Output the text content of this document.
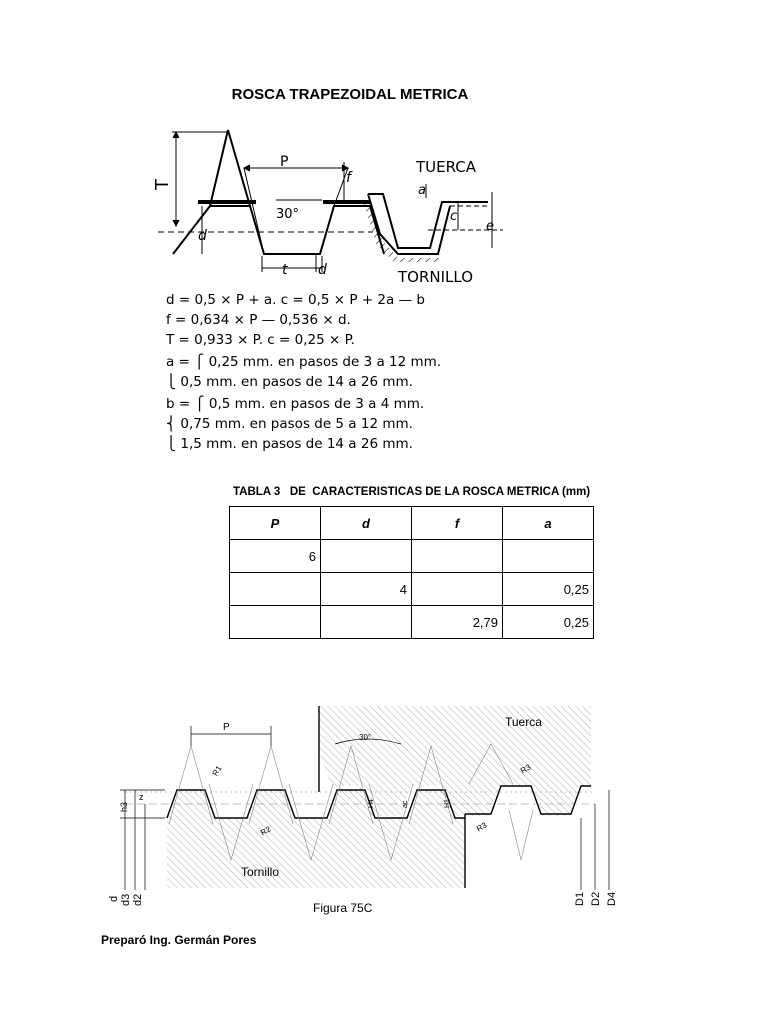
ROSCA TRAPEZOIDAL METRICA
T
P
f
30°
d
t d
TUERCA
a
c
e
TORNILLO
d = 0,5 × P + a. c = 0,5 × P + 2a — b
f = 0,634 × P — 0,536 × d.
T = 0,933 × P. c = 0,25 × P.
a = ⎧ 0,25 mm. en pasos de 3 a 12 mm.
⎩ 0,5 mm. en pasos de 14 a 26 mm.
b = ⎧ 0,5 mm. en pasos de 3 a 4 mm.
⎨ 0,75 mm. en pasos de 5 a 12 mm.
⎩ 1,5 mm. en pasos de 14 a 26 mm.
TABLA 3   DE  CARACTERISTICAS DE LA ROSCA METRICA (mm)
P	d	f	a
6			
	4		0,25
		2,79	0,25
P	Tuerca
30°
R1
R2	R3
R3
z
h3	H1
H4	ac
Tornillo
d d3 d2	D1 D2 D4
Figura 75C
Preparó Ing. Germán Pores
